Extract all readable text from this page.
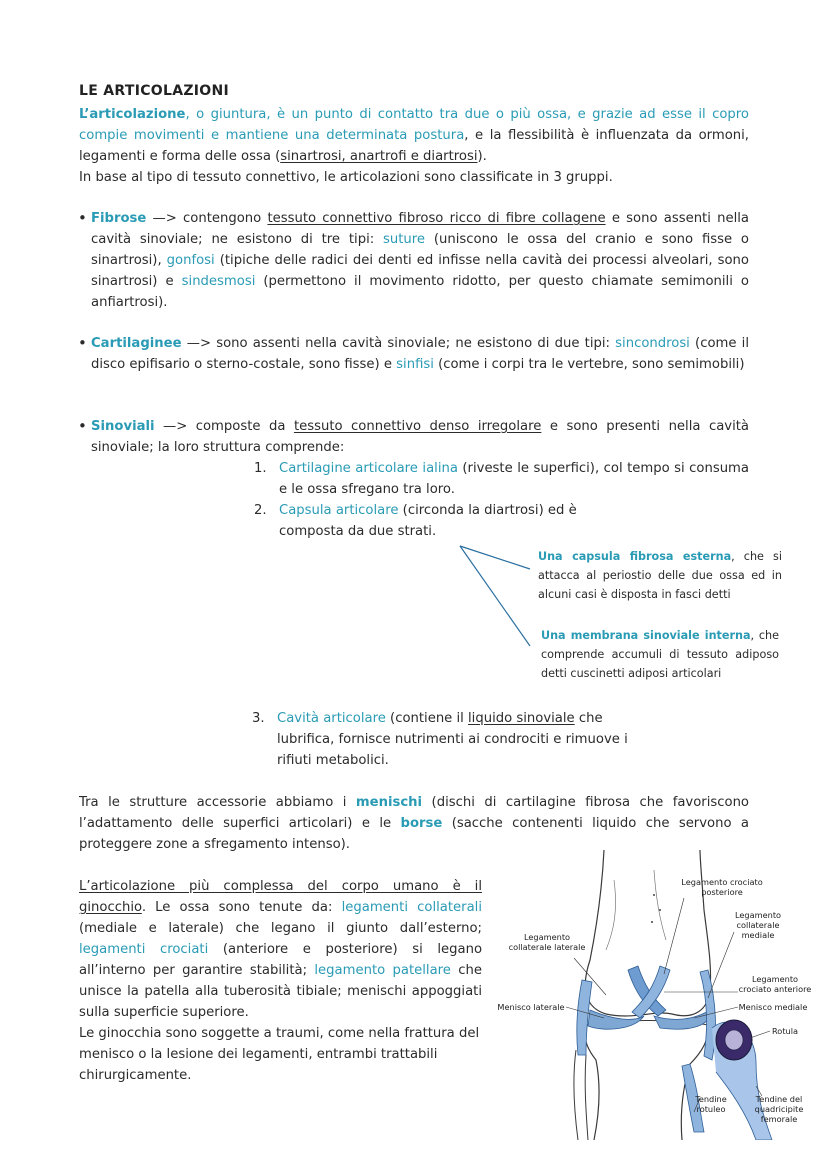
LE ARTICOLAZIONI
L’articolazione, o giuntura, è un punto di contatto tra due o più ossa, e grazie ad esse il copro compie movimenti e mantiene una determinata postura, e la flessibilità è influenzata da ormoni, legamenti e forma delle ossa (sinartrosi, anartrofi e diartrosi).
In base al tipo di tessuto connettivo, le articolazioni sono classificate in 3 gruppi.
• Fibrose —> contengono tessuto connettivo fibroso ricco di fibre collagene e sono assenti nella cavità sinoviale; ne esistono di tre tipi: suture (uniscono le ossa del cranio e sono fisse o sinartrosi), gonfosi (tipiche delle radici dei denti ed infisse nella cavità dei processi alveolari, sono sinartrosi) e sindesmosi (permettono il movimento ridotto, per questo chiamate semimonili o anfiartrosi).
• Cartilaginee —> sono assenti nella cavità sinoviale; ne esistono di due tipi: sincondrosi (come il disco epifisario o sterno-costale, sono fisse) e sinfisi (come i corpi tra le vertebre, sono semimobili)
• Sinoviali —> composte da tessuto connettivo denso irregolare e sono presenti nella cavità sinoviale; la loro struttura comprende:
1. Cartilagine articolare ialina (riveste le superfici), col tempo si consuma e le ossa sfregano tra loro.
2. Capsula articolare (circonda la diartrosi) ed è composta da due strati.
Una capsula fibrosa esterna, che si attacca al periostio delle due ossa ed in alcuni casi è disposta in fasci detti
Una membrana sinoviale interna, che comprende accumuli di tessuto adiposo detti cuscinetti adiposi articolari
3. Cavità articolare (contiene il liquido sinoviale che lubrifica, fornisce nutrimenti ai condrociti e rimuove i rifiuti metabolici.
Tra le strutture accessorie abbiamo i menischi (dischi di cartilagine fibrosa che favoriscono l’adattamento delle superfici articolari) e le borse (sacche contenenti liquido che servono a proteggere zone a sfregamento intenso).
L’articolazione più complessa del corpo umano è il ginocchio. Le ossa sono tenute da: legamenti collaterali (mediale e laterale) che legano il giunto dall’esterno; legamenti crociati (anteriore e posteriore) si legano all’interno per garantire stabilità; legamento patellare che unisce la patella alla tuberosità tibiale; menischi appoggiati sulla superficie superiore.
Le ginocchia sono soggette a traumi, come nella frattura del menisco o la lesione dei legamenti, entrambi trattabili chirurgicamente.
Legamento crociato posteriore
Legamento collaterale mediale
Legamento collaterale laterale
Legamento crociato anteriore
Menisco laterale	Menisco mediale
Rotula
Tendine rotuleo
Tendine del quadricipite femorale
